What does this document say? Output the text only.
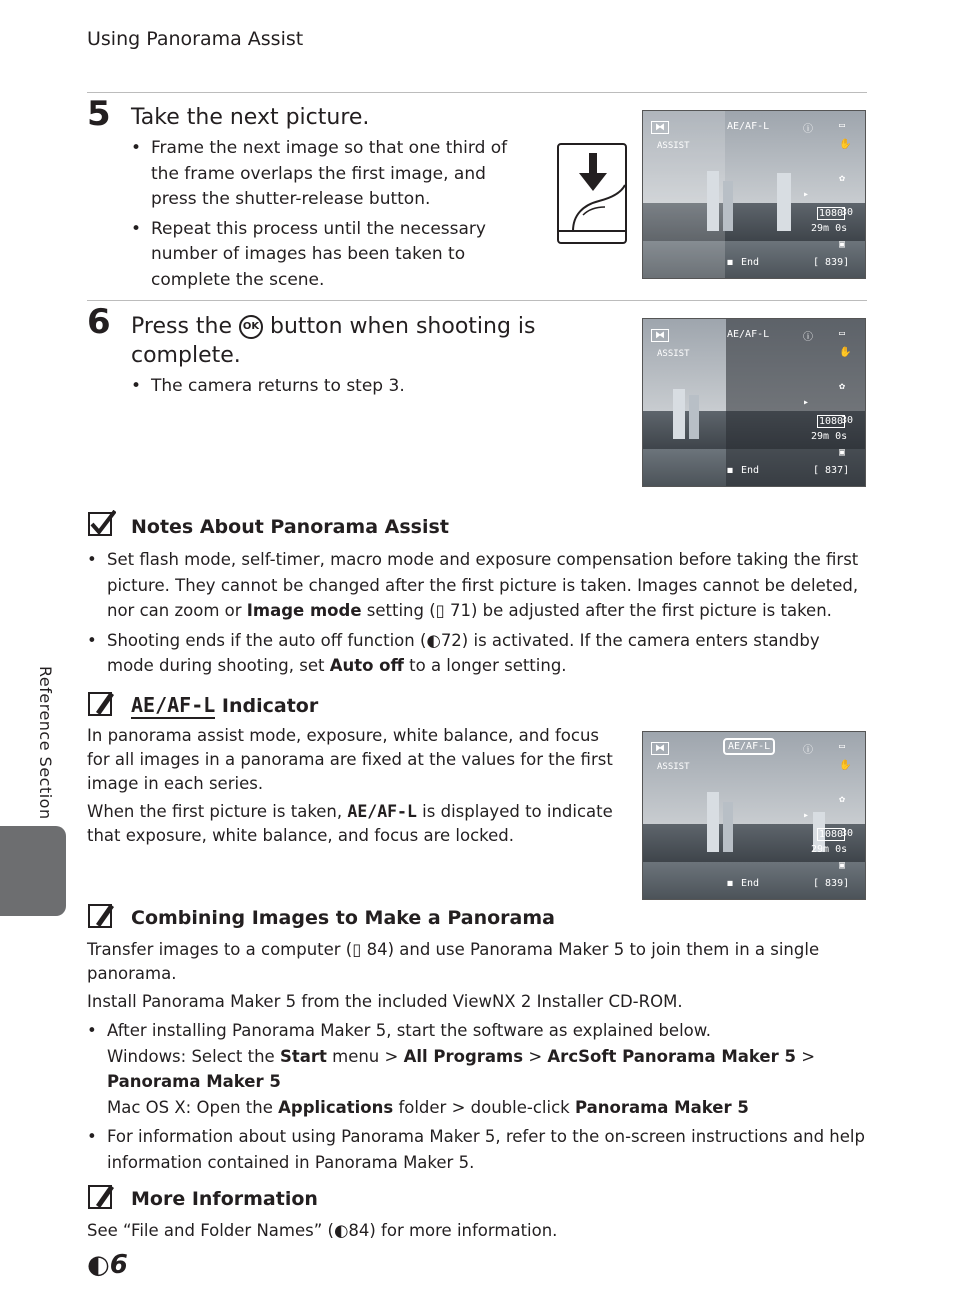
Using Panorama Assist
5 Take the next picture.
• Frame the next image so that one third of the frame overlaps the first image, and press the shutter-release button.
• Repeat this process until the necessary number of images has been taken to complete the scene.
⧓
ASSIST
AE/AF-L	ⓘ	▭
✋
✿
▸
1080
30
29m 0s
▣
◼ End	[ 839]
6 Press the OK button when shooting is complete.
• The camera returns to step 3.
⧓
ASSIST
AE/AF-L	ⓘ	▭
✋
✿
▸
1080
30
29m 0s
▣
◼ End	[ 837]
Notes About Panorama Assist
• Set flash mode, self-timer, macro mode and exposure compensation before taking the first picture. They cannot be changed after the first picture is taken. Images cannot be deleted, nor can zoom or Image mode setting (▯ 71) be adjusted after the first picture is taken.
• Shooting ends if the auto off function (◐72) is activated. If the camera enters standby mode during shooting, set Auto off to a longer setting.
AE/AF-L Indicator
In panorama assist mode, exposure, white balance, and focus for all images in a panorama are fixed at the values for the first image in each series.
When the first picture is taken, AE/AF-L is displayed to indicate that exposure, white balance, and focus are locked.
⧓
ASSIST
AE/AF-L	ⓘ	▭
✋
✿
▸
1080
30
29m 0s
▣
◼ End	[ 839]
Combining Images to Make a Panorama
Transfer images to a computer (▯ 84) and use Panorama Maker 5 to join them in a single panorama.
Install Panorama Maker 5 from the included ViewNX 2 Installer CD-ROM.
• After installing Panorama Maker 5, start the software as explained below.
Windows: Select the Start menu > All Programs > ArcSoft Panorama Maker 5 > Panorama Maker 5
Mac OS X: Open the Applications folder > double-click Panorama Maker 5
• For information about using Panorama Maker 5, refer to the on-screen instructions and help information contained in Panorama Maker 5.
More Information
See “File and Folder Names” (◐84) for more information.
Reference Section
◐6
